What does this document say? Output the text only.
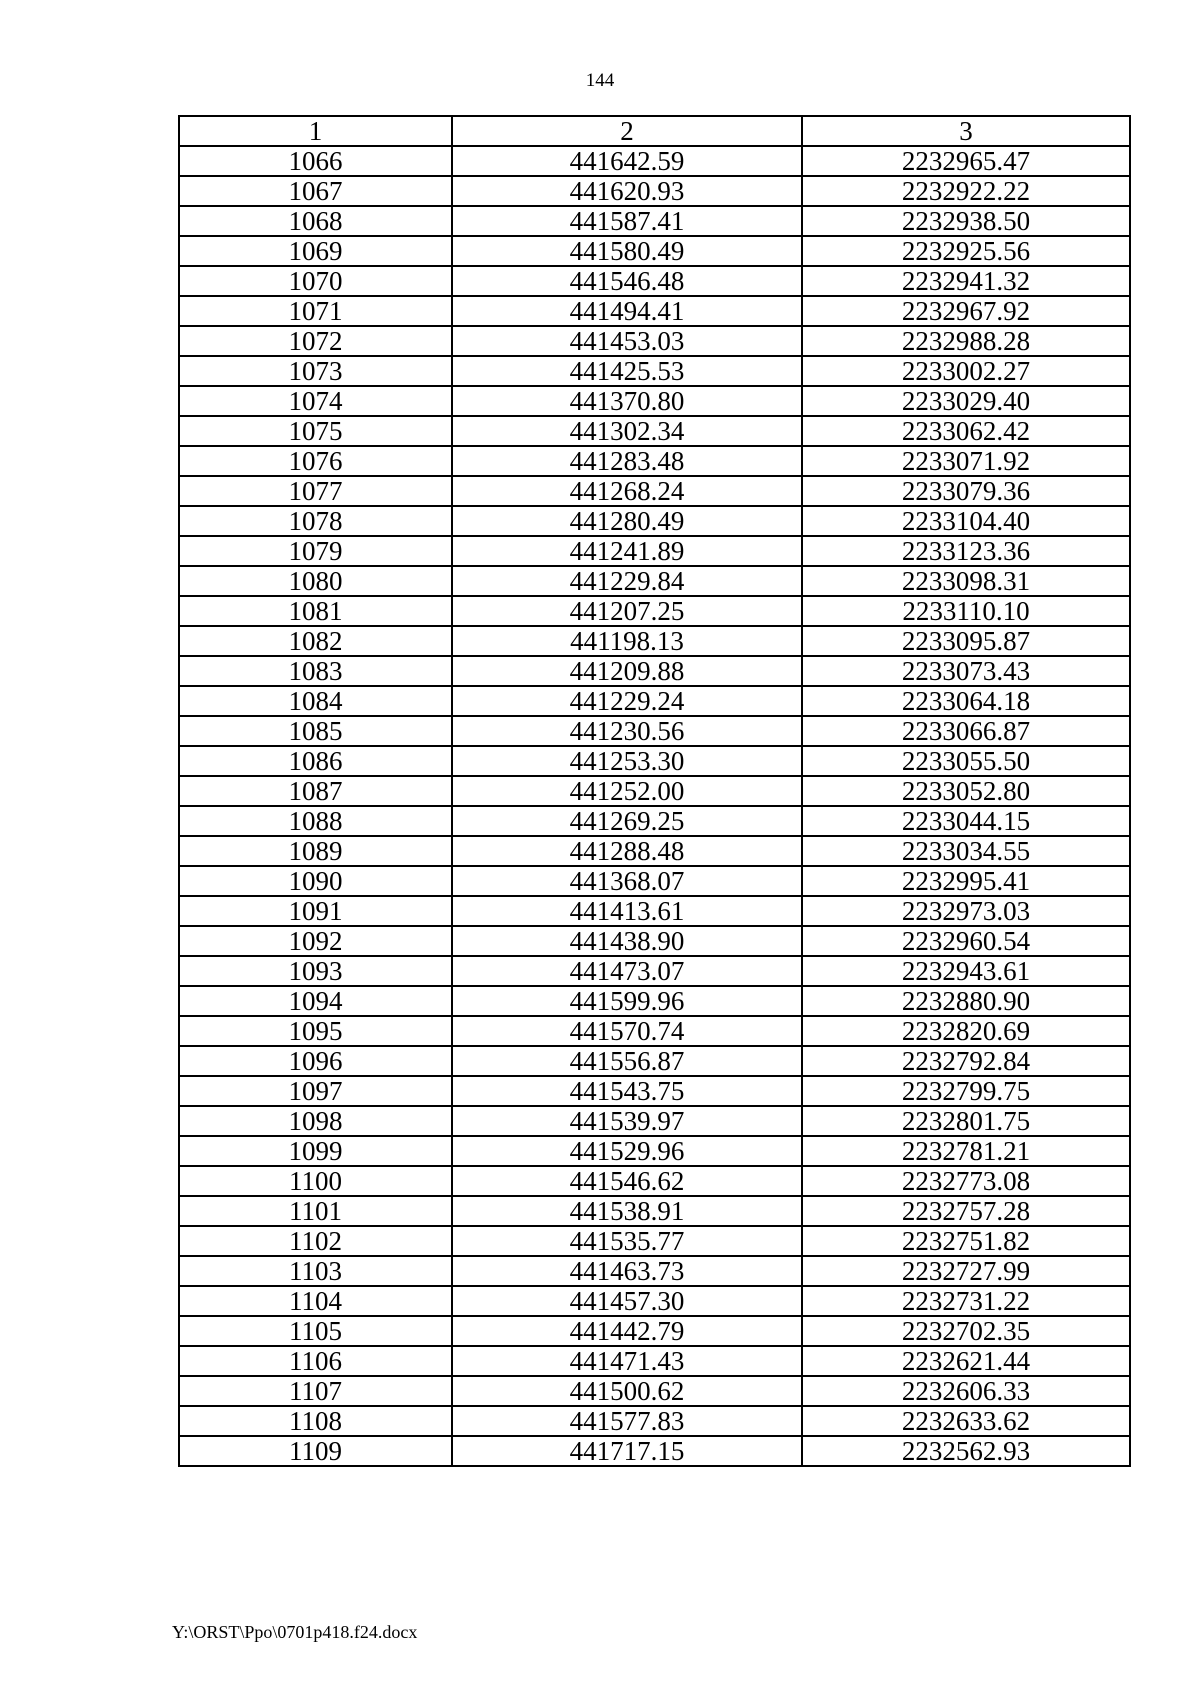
144
1	2	3
1066	441642.59	2232965.47
1067	441620.93	2232922.22
1068	441587.41	2232938.50
1069	441580.49	2232925.56
1070	441546.48	2232941.32
1071	441494.41	2232967.92
1072	441453.03	2232988.28
1073	441425.53	2233002.27
1074	441370.80	2233029.40
1075	441302.34	2233062.42
1076	441283.48	2233071.92
1077	441268.24	2233079.36
1078	441280.49	2233104.40
1079	441241.89	2233123.36
1080	441229.84	2233098.31
1081	441207.25	2233110.10
1082	441198.13	2233095.87
1083	441209.88	2233073.43
1084	441229.24	2233064.18
1085	441230.56	2233066.87
1086	441253.30	2233055.50
1087	441252.00	2233052.80
1088	441269.25	2233044.15
1089	441288.48	2233034.55
1090	441368.07	2232995.41
1091	441413.61	2232973.03
1092	441438.90	2232960.54
1093	441473.07	2232943.61
1094	441599.96	2232880.90
1095	441570.74	2232820.69
1096	441556.87	2232792.84
1097	441543.75	2232799.75
1098	441539.97	2232801.75
1099	441529.96	2232781.21
1100	441546.62	2232773.08
1101	441538.91	2232757.28
1102	441535.77	2232751.82
1103	441463.73	2232727.99
1104	441457.30	2232731.22
1105	441442.79	2232702.35
1106	441471.43	2232621.44
1107	441500.62	2232606.33
1108	441577.83	2232633.62
1109	441717.15	2232562.93
Y:\ORST\Ppo\0701p418.f24.docx
